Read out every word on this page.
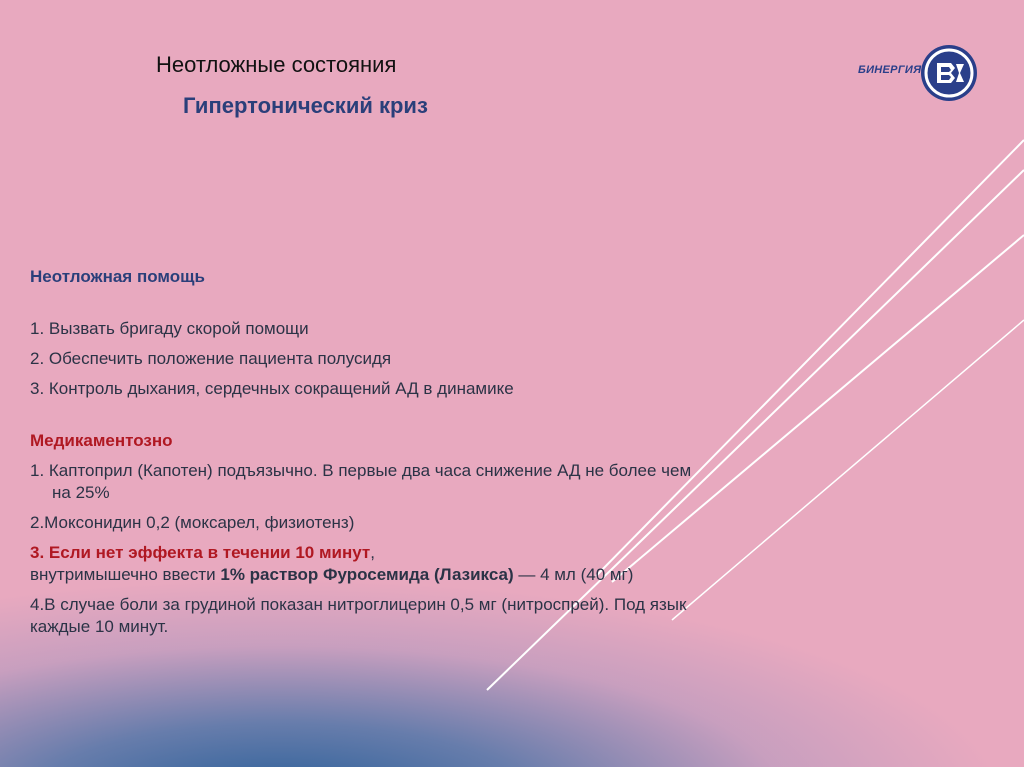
Неотложные состояния
Гипертонический криз
БИНЕРГИЯ

Неотложная помощь

1. Вызвать бригаду скорой помощи

2. Обеспечить положение пациента полусидя

3. Контроль дыхания, сердечных сокращений АД в динамике

Медикаментозно

1. Каптоприл (Капотен) подъязычно. В первые два часа снижение АД не более чем
на 25%

2.Моксонидин 0,2 (моксарел, физиотенз)

3. Если нет эффекта в течении 10 минут,
внутримышечно ввести 1% раствор Фуросемида (Лазикса) — 4 мл (40 мг)

4.В случае боли за грудиной показан нитроглицерин 0,5 мг (нитроспрей). Под язык
каждые 10 минут.
